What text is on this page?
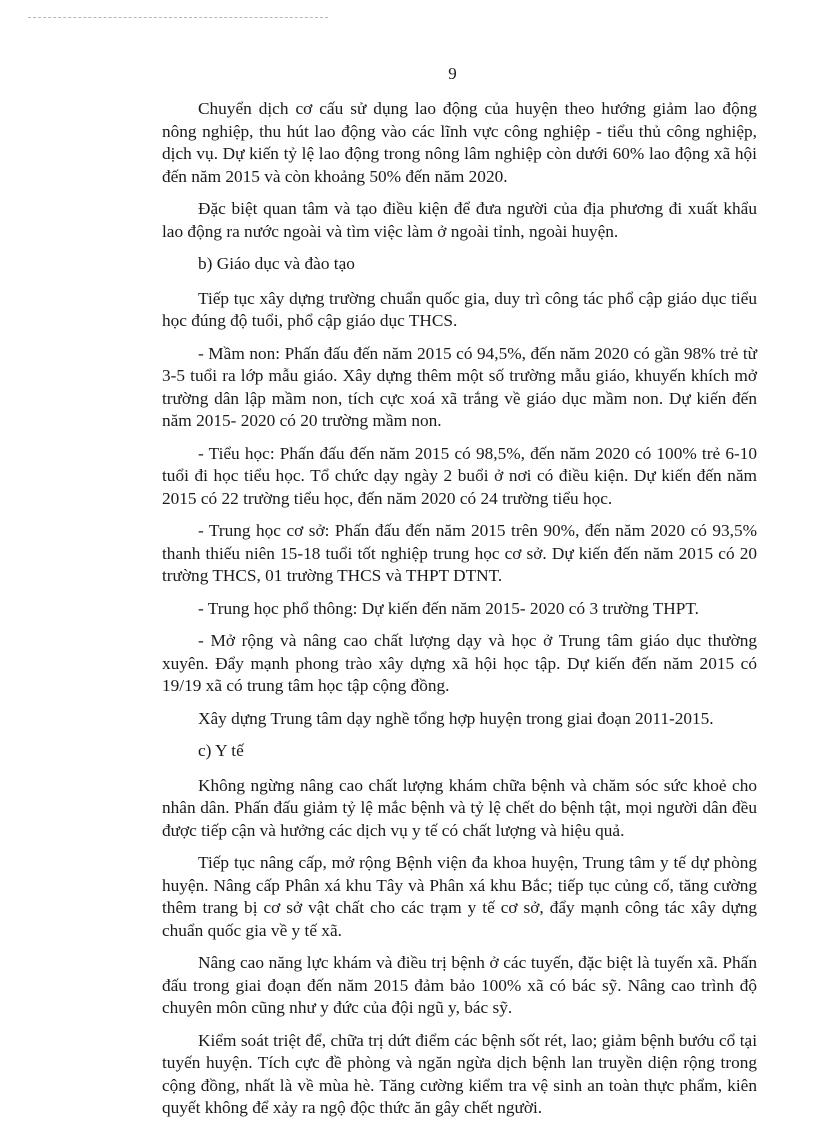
9

Chuyển dịch cơ cấu sử dụng lao động của huyện theo hướng giảm lao động nông nghiệp, thu hút lao động vào các lĩnh vực công nghiệp - tiểu thủ công nghiệp, dịch vụ. Dự kiến tỷ lệ lao động trong nông lâm nghiệp còn dưới 60% lao động xã hội đến năm 2015 và còn khoảng 50% đến năm 2020.

Đặc biệt quan tâm và tạo điều kiện để đưa người của địa phương đi xuất khẩu lao động ra nước ngoài và tìm việc làm ở ngoài tỉnh, ngoài huyện.

b) Giáo dục và đào tạo

Tiếp tục xây dựng trường chuẩn quốc gia, duy trì công tác phổ cập giáo dục tiểu học đúng độ tuổi, phổ cập giáo dục THCS.

- Mầm non: Phấn đấu đến năm 2015 có 94,5%, đến năm 2020 có gần 98% trẻ từ 3-5 tuổi ra lớp mẫu giáo. Xây dựng thêm một số trường mẫu giáo, khuyến khích mở trường dân lập mầm non, tích cực xoá xã trắng về giáo dục mầm non. Dự kiến đến năm 2015- 2020 có 20 trường mầm non.

- Tiểu học: Phấn đấu đến năm 2015 có 98,5%, đến năm 2020 có 100% trẻ 6-10 tuổi đi học tiểu học. Tổ chức dạy ngày 2 buổi ở nơi có điều kiện. Dự kiến đến năm 2015 có 22 trường tiểu học, đến năm 2020 có 24 trường tiểu học.

- Trung học cơ sở: Phấn đấu đến năm 2015 trên 90%, đến năm 2020 có 93,5% thanh thiếu niên 15-18 tuổi tốt nghiệp trung học cơ sở. Dự kiến đến năm 2015 có 20 trường THCS, 01 trường THCS và THPT DTNT.

- Trung học phổ thông: Dự kiến đến năm 2015- 2020 có 3 trường THPT.

- Mở rộng và nâng cao chất lượng dạy và học ở Trung tâm giáo dục thường xuyên. Đẩy mạnh phong trào xây dựng xã hội học tập. Dự kiến đến năm 2015 có 19/19 xã có trung tâm học tập cộng đồng.

Xây dựng Trung tâm dạy nghề tổng hợp huyện trong giai đoạn 2011-2015.

c) Y tế

Không ngừng nâng cao chất lượng khám chữa bệnh và chăm sóc sức khoẻ cho nhân dân. Phấn đấu giảm tỷ lệ mắc bệnh và tỷ lệ chết do bệnh tật, mọi người dân đều được tiếp cận và hưởng các dịch vụ y tế có chất lượng và hiệu quả.

Tiếp tục nâng cấp, mở rộng Bệnh viện đa khoa huyện, Trung tâm y tế dự phòng huyện. Nâng cấp Phân xá khu Tây và Phân xá khu Bắc; tiếp tục củng cố, tăng cường thêm trang bị cơ sở vật chất cho các trạm y tế cơ sở, đẩy mạnh công tác xây dựng chuẩn quốc gia về y tế xã.

Nâng cao năng lực khám và điều trị bệnh ở các tuyến, đặc biệt là tuyến xã. Phấn đấu trong giai đoạn đến năm 2015 đảm bảo 100% xã có bác sỹ. Nâng cao trình độ chuyên môn cũng như y đức của đội ngũ y, bác sỹ.

Kiểm soát triệt để, chữa trị dứt điểm các bệnh sốt rét, lao; giảm bệnh bướu cổ tại tuyến huyện. Tích cực đề phòng và ngăn ngừa dịch bệnh lan truyền diện rộng trong cộng đồng, nhất là về mùa hè. Tăng cường kiểm tra vệ sinh an toàn thực phẩm, kiên quyết không để xảy ra ngộ độc thức ăn gây chết người.
